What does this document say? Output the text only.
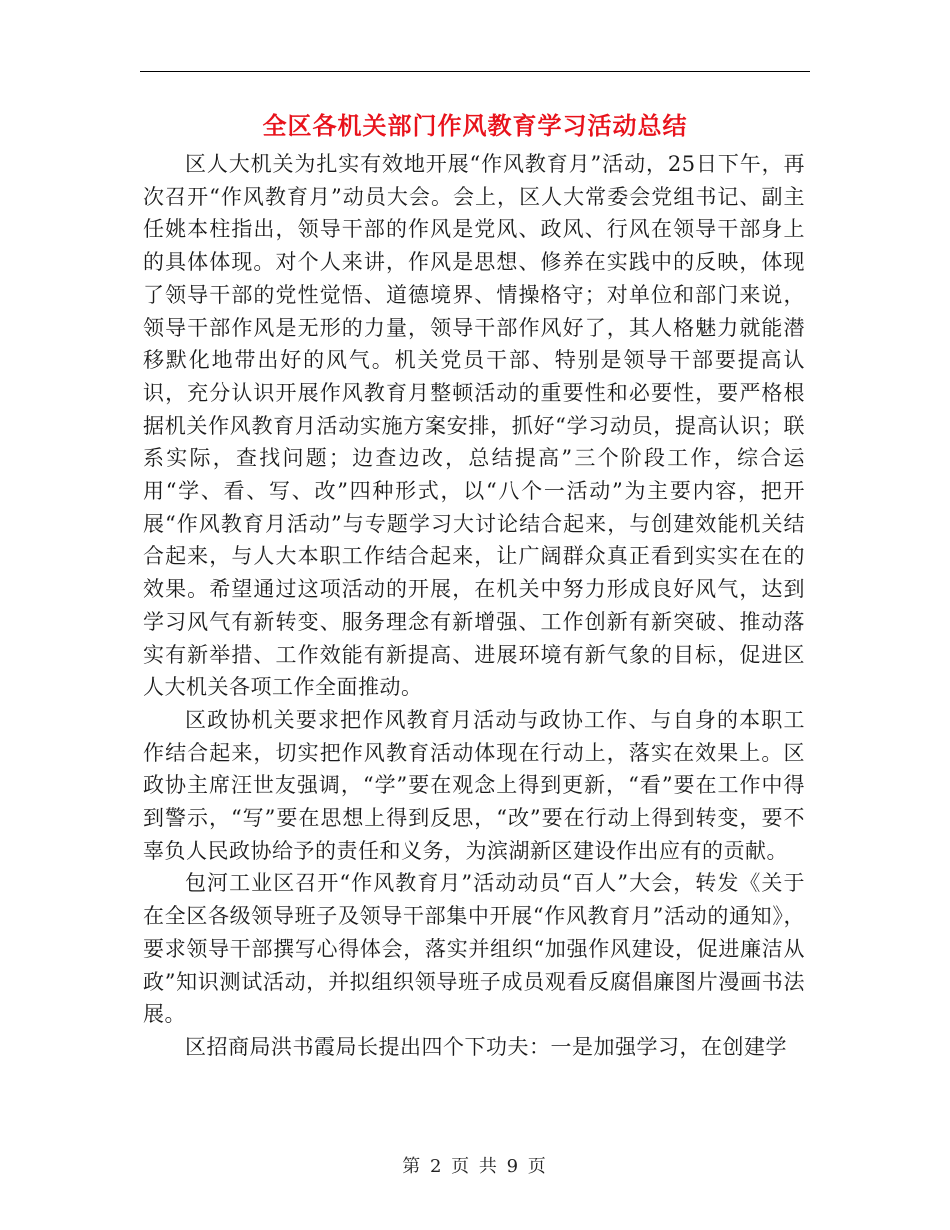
全区各机关部门作风教育学习活动总结

区人大机关为扎实有效地开展“作风教育月”活动，25日下午，再次召开“作风教育月”动员大会。会上，区人大常委会党组书记、副主任姚本柱指出，领导干部的作风是党风、政风、行风在领导干部身上的具体体现。对个人来讲，作风是思想、修养在实践中的反映，体现了领导干部的党性觉悟、道德境界、情操格守；对单位和部门来说，领导干部作风是无形的力量，领导干部作风好了，其人格魅力就能潜移默化地带出好的风气。机关党员干部、特别是领导干部要提高认识，充分认识开展作风教育月整顿活动的重要性和必要性，要严格根据机关作风教育月活动实施方案安排，抓好“学习动员，提高认识；联系实际，查找问题；边查边改，总结提高”三个阶段工作，综合运用“学、看、写、改”四种形式，以“八个一活动”为主要内容，把开展“作风教育月活动”与专题学习大讨论结合起来，与创建效能机关结合起来，与人大本职工作结合起来，让广阔群众真正看到实实在在的效果。希望通过这项活动的开展，在机关中努力形成良好风气，达到学习风气有新转变、服务理念有新增强、工作创新有新突破、推动落实有新举措、工作效能有新提高、进展环境有新气象的目标，促进区人大机关各项工作全面推动。

区政协机关要求把作风教育月活动与政协工作、与自身的本职工作结合起来，切实把作风教育活动体现在行动上，落实在效果上。区政协主席汪世友强调，“学”要在观念上得到更新，“看”要在工作中得到警示，“写”要在思想上得到反思，“改”要在行动上得到转变，要不辜负人民政协给予的责任和义务，为滨湖新区建设作出应有的贡献。

包河工业区召开“作风教育月”活动动员“百人”大会，转发《关于在全区各级领导班子及领导干部集中开展“作风教育月”活动的通知》，要求领导干部撰写心得体会，落实并组织“加强作风建设，促进廉洁从政”知识测试活动，并拟组织领导班子成员观看反腐倡廉图片漫画书法展。

区招商局洪书霞局长提出四个下功夫：一是加强学习，在创建学

第 2 页 共 9 页
